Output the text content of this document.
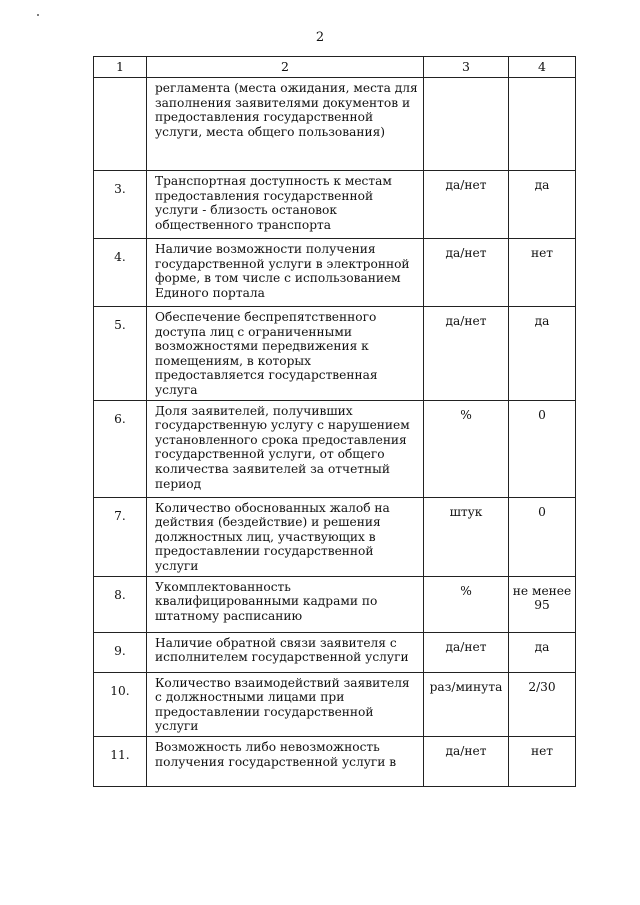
2
1	2	3	4
	регламента (места ожидания, места для заполнения заявителями документов и предоставления государственной услуги, места общего пользования)		
3.	Транспортная доступность к местам предоставления государственной услуги - близость остановок общественного транспорта	да/нет	да
4.	Наличие возможности получения государственной услуги в электронной форме, в том числе с использованием Единого портала	да/нет	нет
5.	Обеспечение беспрепятственного доступа лиц с ограниченными возможностями передвижения к помещениям, в которых предоставляется государственная услуга	да/нет	да
6.	Доля заявителей, получивших государственную услугу с нарушением установленного срока предоставления государственной услуги, от общего количества заявителей за отчетный период	%	0
7.	Количество обоснованных жалоб на действия (бездействие) и решения должностных лиц, участвующих в предоставлении государственной услуги	штук	0
8.	Укомплектованность квалифицированными кадрами по штатному расписанию	%	не менее 95
9.	Наличие обратной связи заявителя с исполнителем государственной услуги	да/нет	да
10.	Количество взаимодействий заявителя с должностными лицами при предоставлении государственной услуги	раз/минута	2/30
11.	Возможность либо невозможность получения государственной услуги в	да/нет	нет
